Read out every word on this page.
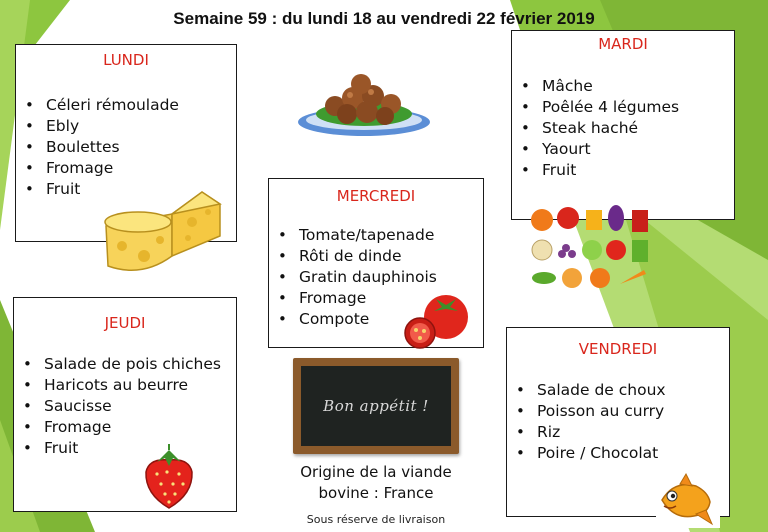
Semaine 59 : du lundi 18 au vendredi 22 février 2019
LUNDI
• Céleri rémoulade
• Ebly
• Boulettes
• Fromage
• Fruit
MARDI
• Mâche
• Poêlée 4 légumes
• Steak haché
• Yaourt
• Fruit
MERCREDI
• Tomate/tapenade
• Rôti de dinde
• Gratin dauphinois
• Fromage
• Compote
JEUDI
• Salade de pois chiches
• Haricots au beurre
• Saucisse
• Fromage
• Fruit
VENDREDI
• Salade de choux
• Poisson au curry
• Riz
• Poire / Chocolat
Bon appétit !
Origine de la viande
bovine : France
Sous réserve de livraison
